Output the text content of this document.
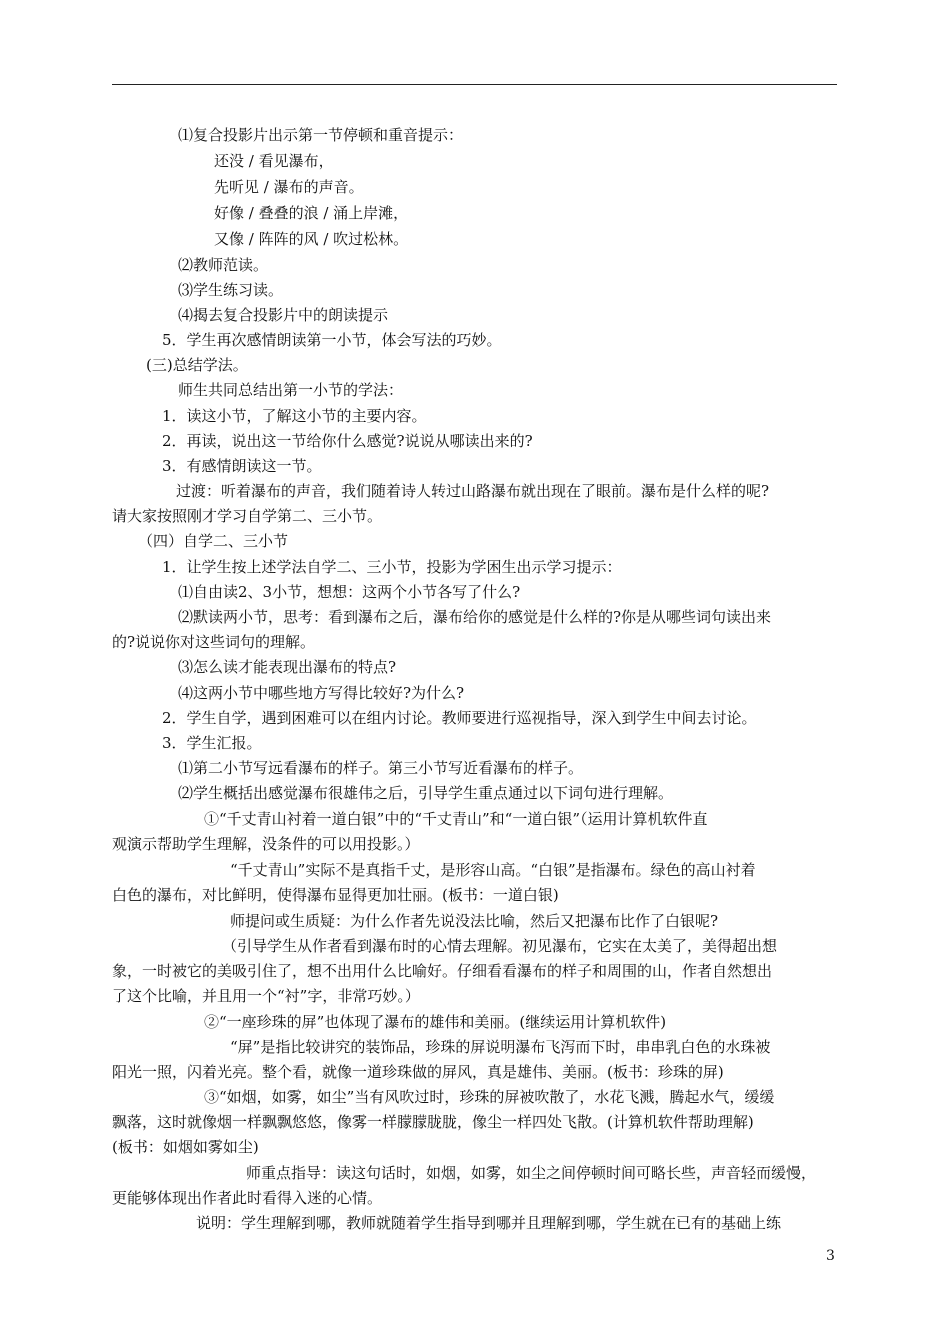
⑴复合投影片出示第一节停顿和重音提示：
还没 / 看见瀑布，
先听见 / 瀑布的声音。
好像 / 叠叠的浪 / 涌上岸滩，
又像 / 阵阵的风 / 吹过松林。
⑵教师范读。
⑶学生练习读。
⑷揭去复合投影片中的朗读提示
5．学生再次感情朗读第一小节，体会写法的巧妙。
(三)总结学法。
师生共同总结出第一小节的学法：
1．读这小节，了解这小节的主要内容。
2．再读，说出这一节给你什么感觉?说说从哪读出来的?
3．有感情朗读这一节。
过渡：听着瀑布的声音，我们随着诗人转过山路瀑布就出现在了眼前。瀑布是什么样的呢?
请大家按照刚才学习自学第二、三小节。
（四）自学二、三小节
1．让学生按上述学法自学二、三小节，投影为学困生出示学习提示：
⑴自由读2、3小节，想想：这两个小节各写了什么?
⑵默读两小节，思考：看到瀑布之后，瀑布给你的感觉是什么样的?你是从哪些词句读出来
的?说说你对这些词句的理解。
⑶怎么读才能表现出瀑布的特点?
⑷这两小节中哪些地方写得比较好?为什么?
2．学生自学，遇到困难可以在组内讨论。教师要进行巡视指导，深入到学生中间去讨论。
3．学生汇报。
⑴第二小节写远看瀑布的样子。第三小节写近看瀑布的样子。
⑵学生概括出感觉瀑布很雄伟之后，引导学生重点通过以下词句进行理解。
①“千丈青山衬着一道白银”中的“千丈青山”和“一道白银”（运用计算机软件直
观演示帮助学生理解，没条件的可以用投影。）
“千丈青山”实际不是真指千丈，是形容山高。“白银”是指瀑布。绿色的高山衬着
白色的瀑布，对比鲜明，使得瀑布显得更加壮丽。(板书：一道白银)
师提问或生质疑：为什么作者先说没法比喻，然后又把瀑布比作了白银呢?
（引导学生从作者看到瀑布时的心情去理解。初见瀑布，它实在太美了，美得超出想
象，一时被它的美吸引住了，想不出用什么比喻好。仔细看看瀑布的样子和周围的山，作者自然想出
了这个比喻，并且用一个“衬”字，非常巧妙。）
②“一座珍珠的屏”也体现了瀑布的雄伟和美丽。(继续运用计算机软件)
“屏”是指比较讲究的装饰品，珍珠的屏说明瀑布飞泻而下时，串串乳白色的水珠被
阳光一照，闪着光亮。整个看，就像一道珍珠做的屏风，真是雄伟、美丽。(板书：珍珠的屏)
③“如烟，如雾，如尘”当有风吹过时，珍珠的屏被吹散了，水花飞溅，腾起水气，缓缓
飘落，这时就像烟一样飘飘悠悠，像雾一样朦朦胧胧，像尘一样四处飞散。(计算机软件帮助理解)
(板书：如烟如雾如尘)
师重点指导：读这句话时，如烟，如雾，如尘之间停顿时间可略长些，声音轻而缓慢，
更能够体现出作者此时看得入迷的心情。
说明：学生理解到哪，教师就随着学生指导到哪并且理解到哪，学生就在已有的基础上练
3
